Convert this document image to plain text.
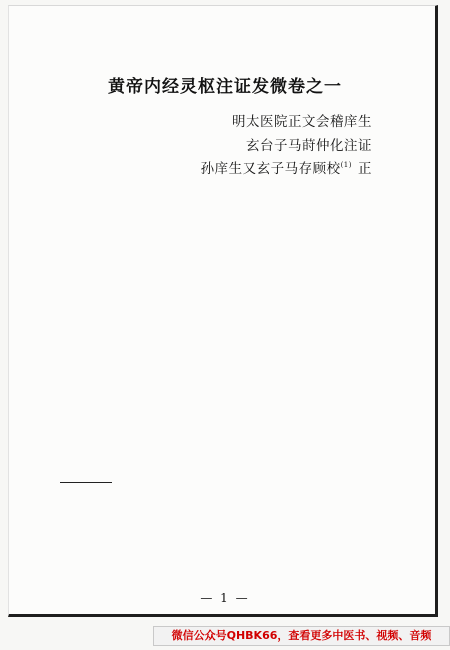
黄帝内经灵枢注证发微卷之一
明太医院正文会稽庠生
玄台子马莳仲化注证
孙庠生又玄子马存顾校$^{(1)}$ 正
— 1 —
微信公众号QHBK66，查看更多中医书、视频、音频
